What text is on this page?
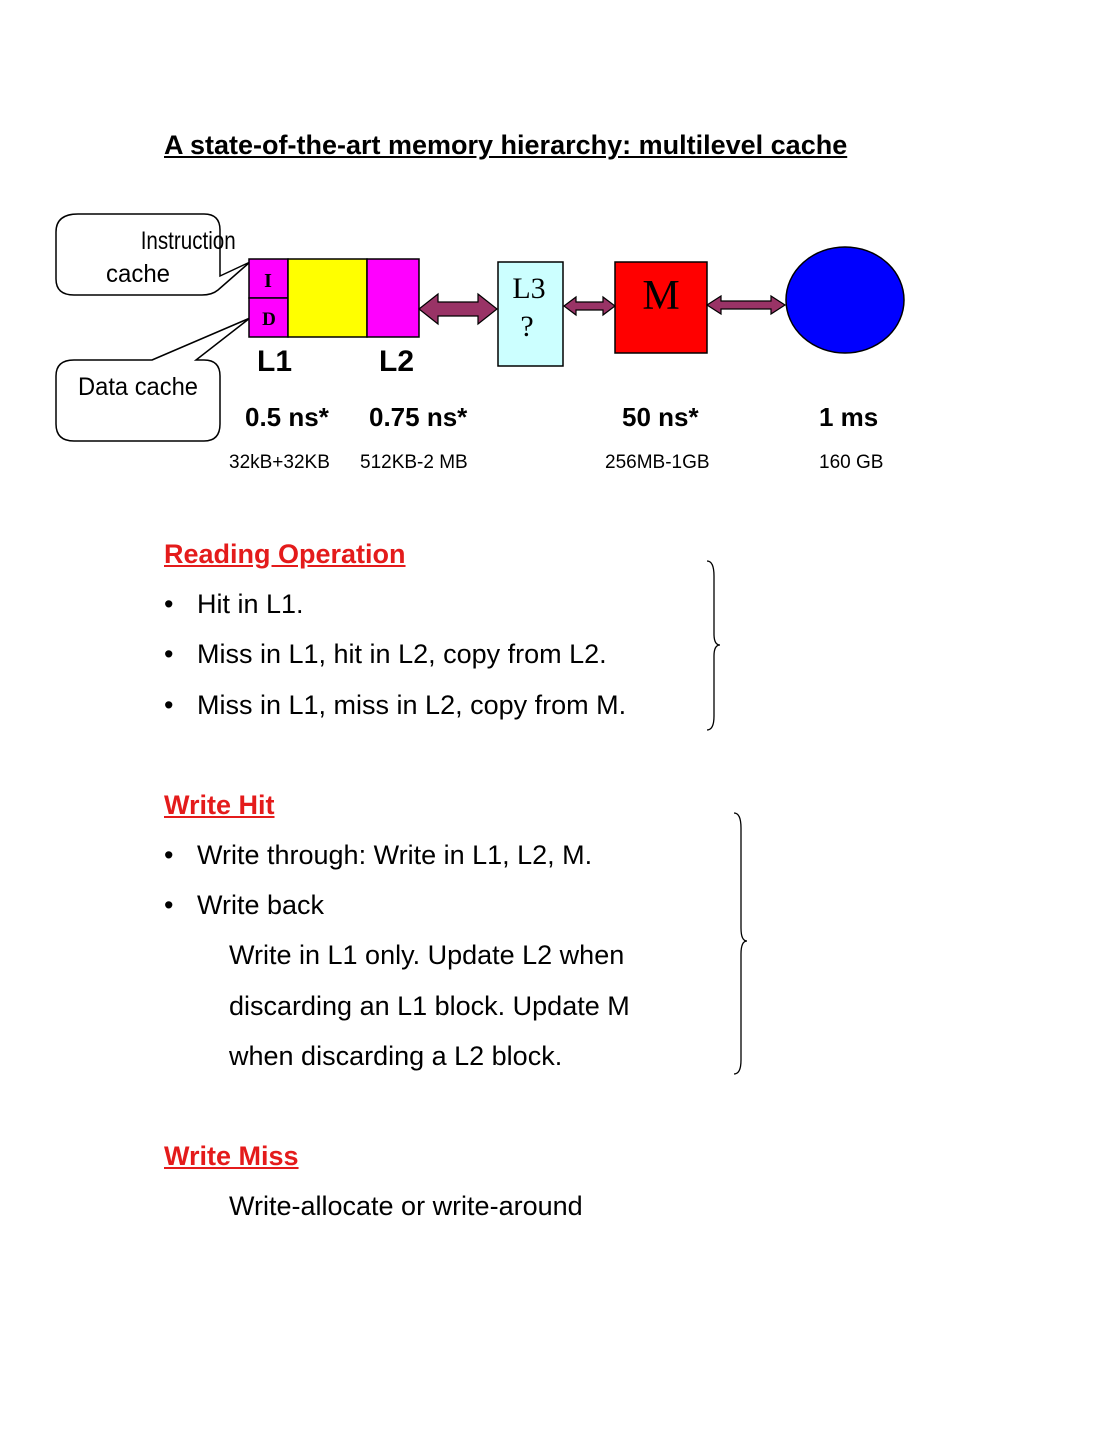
A state-of-the-art memory hierarchy: multilevel cache
Instruction
cache
Data cache
I
D
L3
?
M
L1	L2
0.5 ns* 0.75 ns*	50 ns*	1 ms
32kB+32KB 512KB-2 MB	256MB-1GB	160 GB
Reading Operation
• Hit in L1.
• Miss in L1, hit in L2, copy from L2.
• Miss in L1, miss in L2, copy from M.
Write Hit
• Write through: Write in L1, L2, M.
• Write back
Write in L1 only. Update L2 when
discarding an L1 block. Update M
when discarding a L2 block.
Write Miss
Write-allocate or write-around
